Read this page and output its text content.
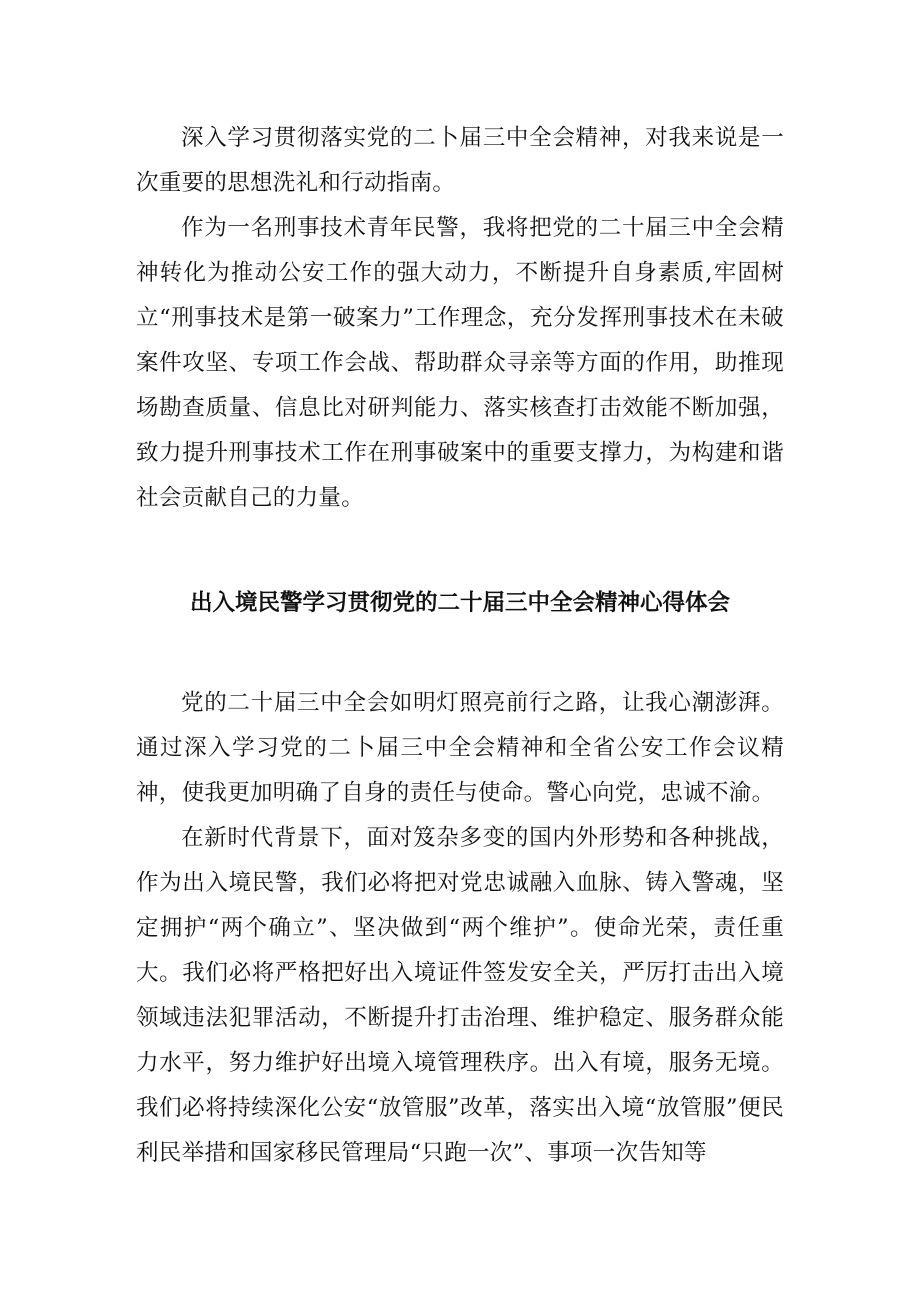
深入学习贯彻落实党的二卜届三中全会精神，对我来说是一次重要的思想洗礼和行动指南。

作为一名刑事技术青年民警，我将把党的二十届三中全会精神转化为推动公安工作的强大动力，不断提升自身素质,牢固树立“刑事技术是第一破案力”工作理念，充分发挥刑事技术在未破案件攻坚、专项工作会战、帮助群众寻亲等方面的作用，助推现场勘查质量、信息比对研判能力、落实核查打击效能不断加强，致力提升刑事技术工作在刑事破案中的重要支撑力，为构建和谐社会贡献自己的力量。

出入境民警学习贯彻党的二十届三中全会精神心得体会

党的二十届三中全会如明灯照亮前行之路，让我心潮澎湃。通过深入学习党的二卜届三中全会精神和全省公安工作会议精神，使我更加明确了自身的责任与使命。警心向党，忠诚不渝。

在新时代背景下，面对笈杂多变的国内外形势和各种挑战，作为出入境民警，我们必将把对党忠诚融入血脉、铸入警魂，坚定拥护“两个确立”、坚决做到“两个维护”。使命光荣，责任重大。我们必将严格把好出入境证件签发安全关，严厉打击出入境领域违法犯罪活动，不断提升打击治理、维护稳定、服务群众能力水平，努力维护好出境入境管理秩序。出入有境，服务无境。我们必将持续深化公安“放管服”改革，落实出入境“放管服”便民利民举措和国家移民管理局“只跑一次”、事项一次告知等
